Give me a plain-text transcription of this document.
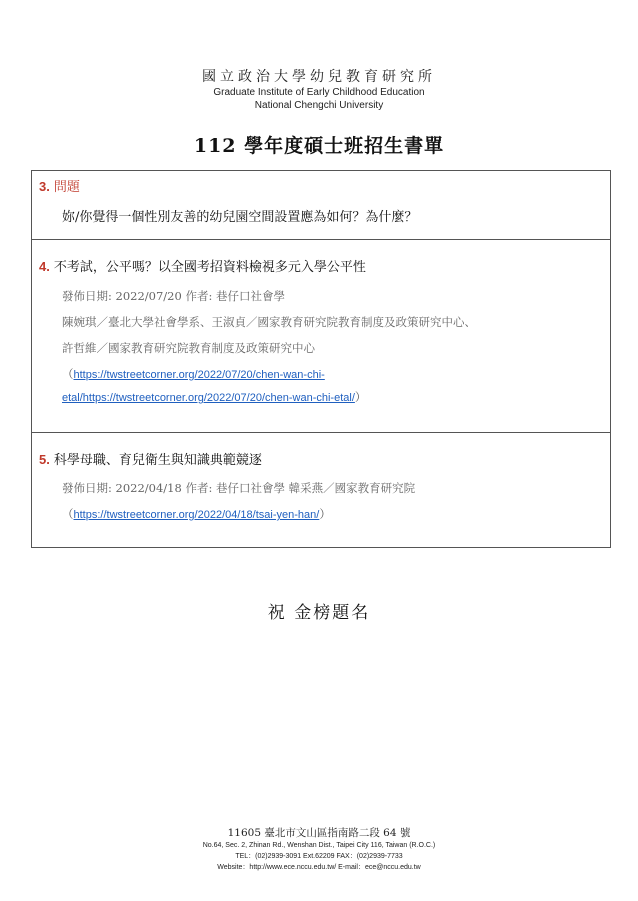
國立政治大學幼兒教育研究所
Graduate Institute of Early Childhood Education
National Chengchi University
112 學年度碩士班招生書單
3. 問題
妳/你覺得一個性別友善的幼兒園空間設置應為如何？為什麼？
4. 不考試，公平嗎？以全國考招資料檢視多元入學公平性
發佈日期: 2022/07/20 作者: 巷仔口社會學
陳婉琪／臺北大學社會學系、王淑貞／國家教育研究院教育制度及政策研究中心、
許哲維／國家教育研究院教育制度及政策研究中心
（https://twstreetcorner.org/2022/07/20/chen-wan-chi-
etal/https://twstreetcorner.org/2022/07/20/chen-wan-chi-etal/）
5. 科學母職、育兒衛生與知識典範競逐
發佈日期: 2022/04/18 作者: 巷仔口社會學 韓采燕／國家教育研究院
（https://twstreetcorner.org/2022/04/18/tsai-yen-han/）
祝 金榜題名
11605 臺北市文山區指南路二段 64 號
No.64, Sec. 2, Zhinan Rd., Wenshan Dist., Taipei City 116, Taiwan (R.O.C.)
TEL：(02)2939-3091 Ext.62209 FAX：(02)2939-7733
Website：http://www.ece.nccu.edu.tw/ E-mail：ece@nccu.edu.tw
